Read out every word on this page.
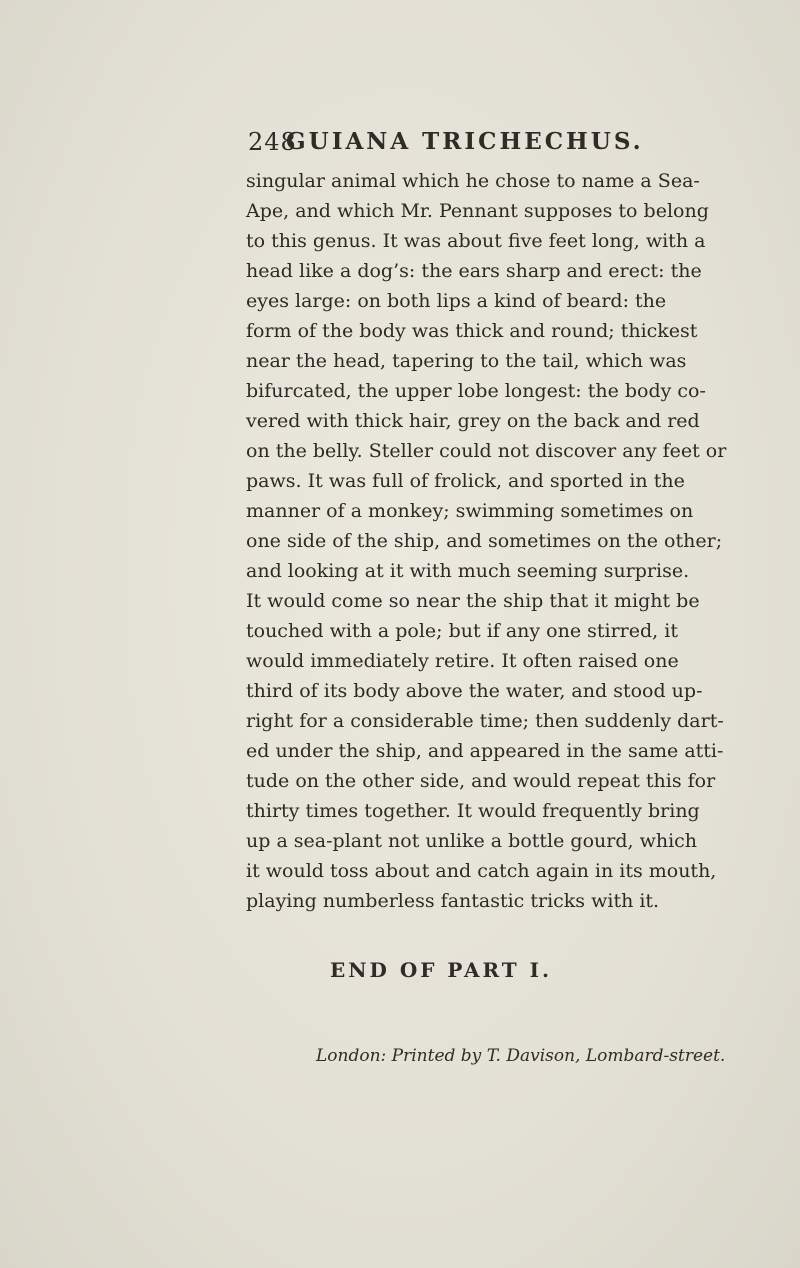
248
GUIANA TRICHECHUS.
singular animal which he chose to name a Sea-
Ape, and which Mr. Pennant supposes to belong
to this genus. It was about five feet long, with a
head like a dog’s: the ears sharp and erect: the
eyes large: on both lips a kind of beard: the
form of the body was thick and round; thickest
near the head, tapering to the tail, which was
bifurcated, the upper lobe longest: the body co-
vered with thick hair, grey on the back and red
on the belly. Steller could not discover any feet or
paws. It was full of frolick, and sported in the
manner of a monkey; swimming sometimes on
one side of the ship, and sometimes on the other;
and looking at it with much seeming surprise.
It would come so near the ship that it might be
touched with a pole; but if any one stirred, it
would immediately retire. It often raised one
third of its body above the water, and stood up-
right for a considerable time; then suddenly dart-
ed under the ship, and appeared in the same atti-
tude on the other side, and would repeat this for
thirty times together. It would frequently bring
up a sea-plant not unlike a bottle gourd, which
it would toss about and catch again in its mouth,
playing numberless fantastic tricks with it.
END OF PART I.
London: Printed by T. Davison, Lombard-street.
